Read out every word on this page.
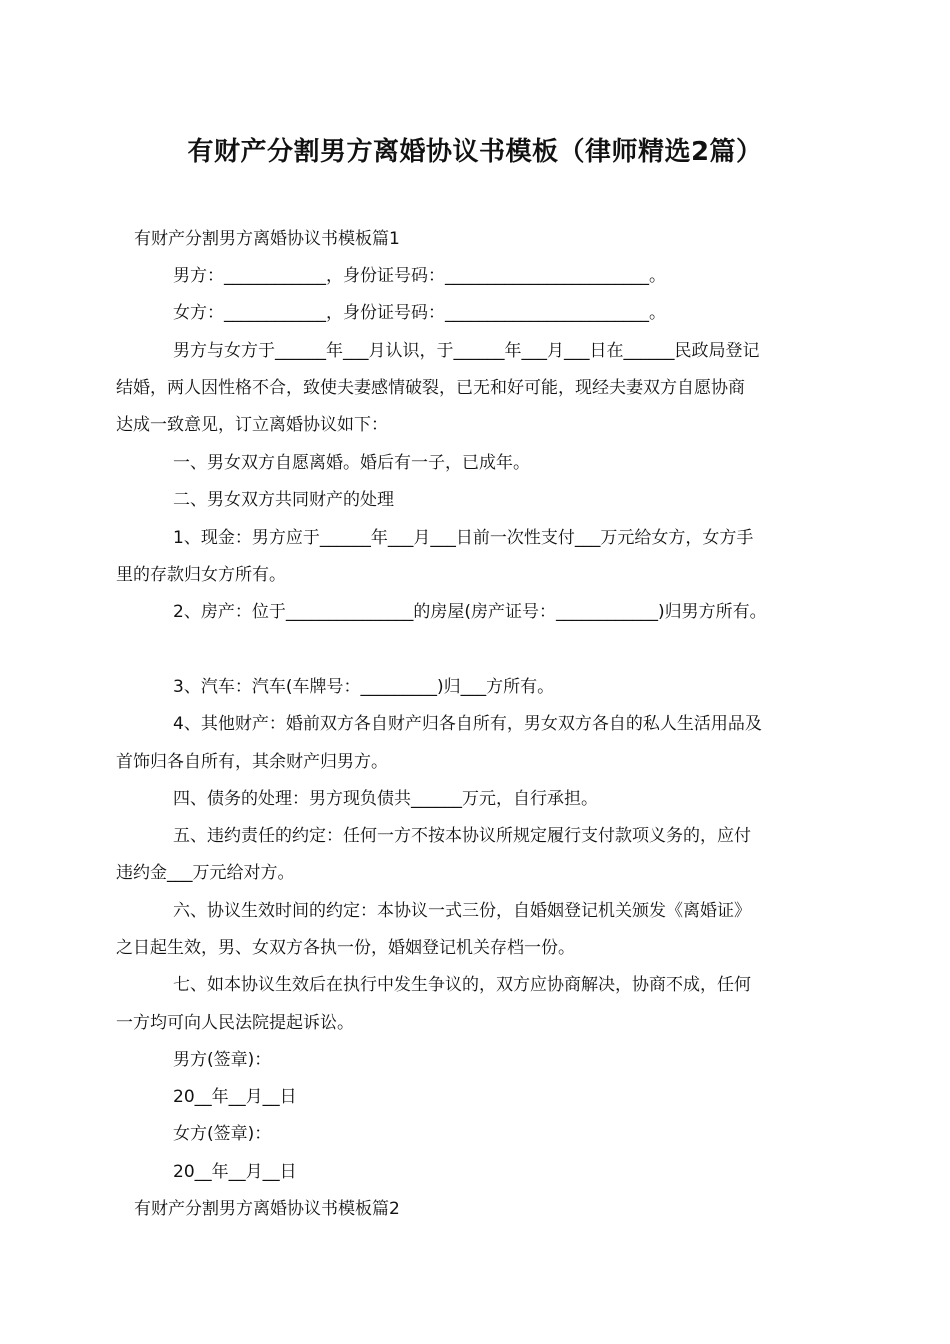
有财产分割男方离婚协议书模板（律师精选2篇）

有财产分割男方离婚协议书模板篇1

男方：____________，身份证号码：________________________。

女方：____________，身份证号码：________________________。

男方与女方于______年___月认识，于______年___月___日在______民政局登记

结婚，两人因性格不合，致使夫妻感情破裂，已无和好可能，现经夫妻双方自愿协商

达成一致意见，订立离婚协议如下：

一、男女双方自愿离婚。婚后有一子，已成年。

二、男女双方共同财产的处理

1、现金：男方应于______年___月___日前一次性支付___万元给女方，女方手

里的存款归女方所有。

2、房产：位于_______________的房屋(房产证号：____________)归男方所有。

3、汽车：汽车(车牌号：_________)归___方所有。

4、其他财产：婚前双方各自财产归各自所有，男女双方各自的私人生活用品及

首饰归各自所有，其余财产归男方。

四、债务的处理：男方现负债共______万元，自行承担。

五、违约责任的约定：任何一方不按本协议所规定履行支付款项义务的，应付

违约金___万元给对方。

六、协议生效时间的约定：本协议一式三份，自婚姻登记机关颁发《离婚证》

之日起生效，男、女双方各执一份，婚姻登记机关存档一份。

七、如本协议生效后在执行中发生争议的，双方应协商解决，协商不成，任何

一方均可向人民法院提起诉讼。

男方(签章)：

20__年__月__日

女方(签章)：

20__年__月__日

有财产分割男方离婚协议书模板篇2
